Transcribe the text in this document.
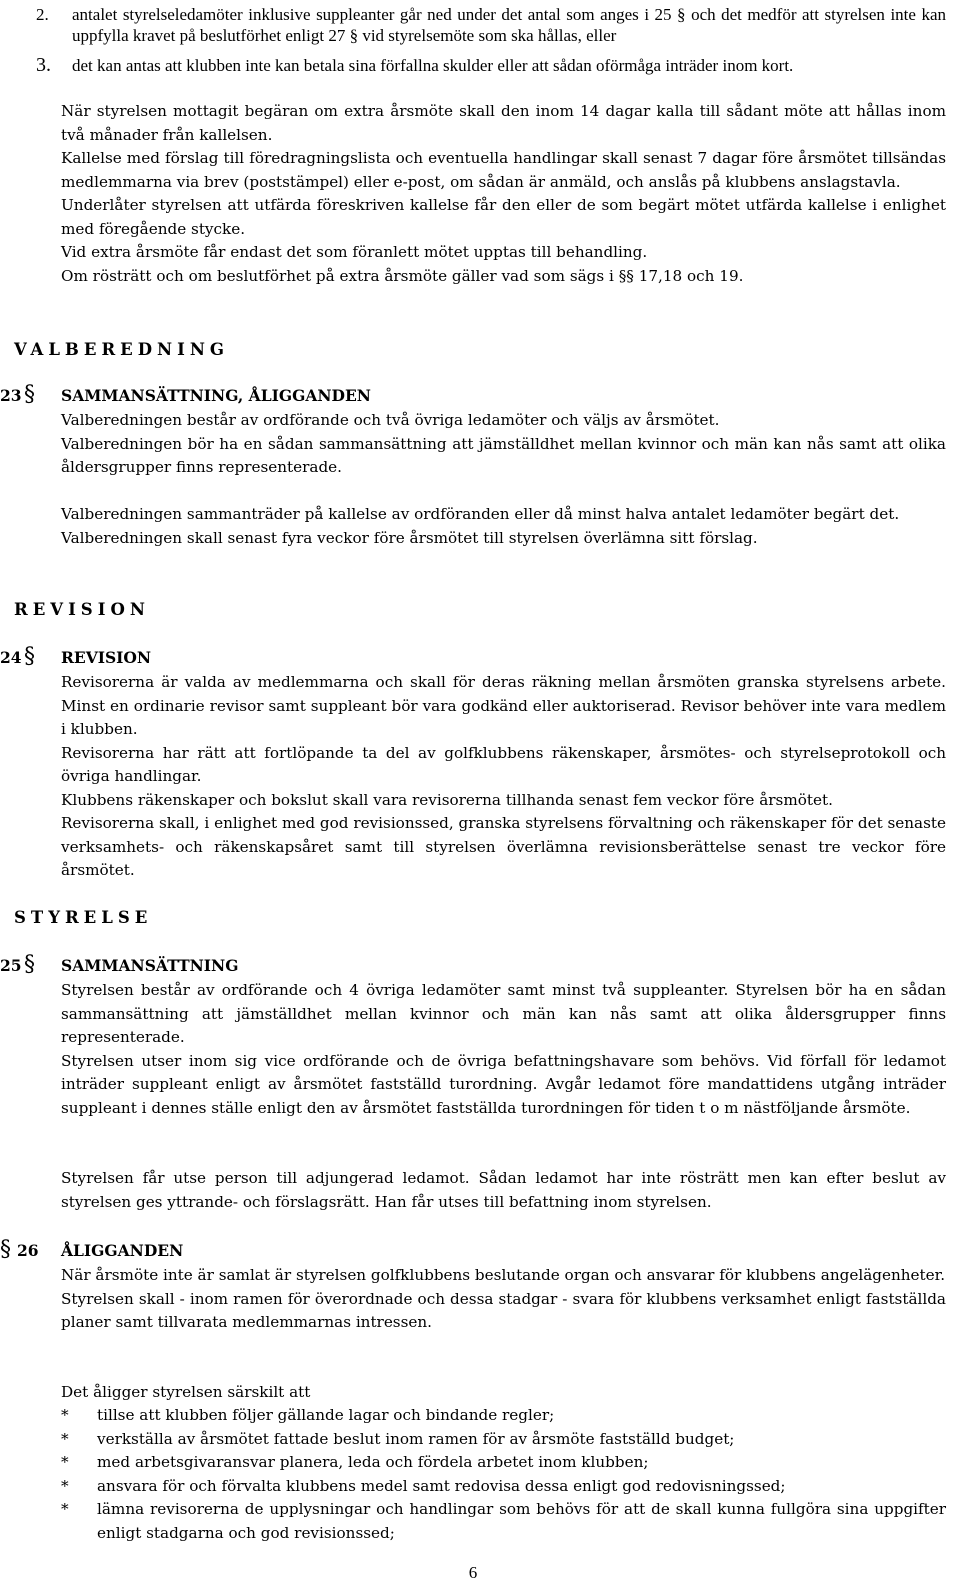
2. antalet styrelseledamöter inklusive suppleanter går ned under det antal som anges i 25 § och det medför att styrelsen inte kan uppfylla kravet på beslutförhet enligt 27 § vid styrelsemöte som ska hållas, eller
3. det kan antas att klubben inte kan betala sina förfallna skulder eller att sådan oförmåga inträder inom kort.

När styrelsen mottagit begäran om extra årsmöte skall den inom 14 dagar kalla till sådant möte att hållas inom två månader från kallelsen.

Kallelse med förslag till föredragningslista och eventuella handlingar skall senast 7 dagar före årsmötet tillsändas medlemmarna via brev (poststämpel) eller e-post, om sådan är anmäld, och anslås på klubbens anslagstavla.

Underlåter styrelsen att utfärda föreskriven kallelse får den eller de som begärt mötet utfärda kallelse i enlighet med föregående stycke.

Vid extra årsmöte får endast det som föranlett mötet upptas till behandling.

Om rösträtt och om beslutförhet på extra årsmöte gäller vad som sägs i §§ 17,18 och 19.

VALBEREDNING
23 § SAMMANSÄTTNING, ÅLIGGANDEN

Valberedningen består av ordförande och två övriga ledamöter och väljs av årsmötet.

Valberedningen bör ha en sådan sammansättning att jämställdhet mellan kvinnor och män kan nås samt att olika åldersgrupper finns representerade.

Valberedningen sammanträder på kallelse av ordföranden eller då minst halva antalet ledamöter begärt det.

Valberedningen skall senast fyra veckor före årsmötet till styrelsen överlämna sitt förslag.

REVISION
24 § REVISION

Revisorerna är valda av medlemmarna och skall för deras räkning mellan årsmöten granska styrelsens arbete. Minst en ordinarie revisor samt suppleant bör vara godkänd eller auktoriserad. Revisor behöver inte vara medlem i klubben.

Revisorerna har rätt att fortlöpande ta del av golfklubbens räkenskaper, årsmötes- och styrelseprotokoll och övriga handlingar.

Klubbens räkenskaper och bokslut skall vara revisorerna tillhanda senast fem veckor före årsmötet.

Revisorerna skall, i enlighet med god revisionssed, granska styrelsens förvaltning och räkenskaper för det senaste verksamhets- och räkenskapsåret samt till styrelsen överlämna revisionsberättelse senast tre veckor före årsmötet.

STYRELSE
25 § SAMMANSÄTTNING

Styrelsen består av ordförande och 4 övriga ledamöter samt minst två suppleanter. Styrelsen bör ha en sådan sammansättning att jämställdhet mellan kvinnor och män kan nås samt att olika åldersgrupper finns representerade.

Styrelsen utser inom sig vice ordförande och de övriga befattningshavare som behövs. Vid förfall för ledamot inträder suppleant enligt av årsmötet fastställd turordning. Avgår ledamot före mandattidens utgång inträder suppleant i dennes ställe enligt den av årsmötet fastställda turordningen för tiden t o m nästföljande årsmöte.

Styrelsen får utse person till adjungerad ledamot. Sådan ledamot har inte rösträtt men kan efter beslut av styrelsen ges yttrande- och förslagsrätt. Han får utses till befattning inom styrelsen.

§ 26 ÅLIGGANDEN

När årsmöte inte är samlat är styrelsen golfklubbens beslutande organ och ansvarar för klubbens angelägenheter.

Styrelsen skall - inom ramen för överordnade och dessa stadgar - svara för klubbens verksamhet enligt fastställda planer samt tillvarata medlemmarnas intressen.

Det åligger styrelsen särskilt att

* tillse att klubben följer gällande lagar och bindande regler;
* verkställa av årsmötet fattade beslut inom ramen för av årsmöte fastställd budget;
* med arbetsgivaransvar planera, leda och fördela arbetet inom klubben;
* ansvara för och förvalta klubbens medel samt redovisa dessa enligt god redovisningssed;
* lämna revisorerna de upplysningar och handlingar som behövs för att de skall kunna fullgöra sina uppgifter enligt stadgarna och god revisionssed;
6
